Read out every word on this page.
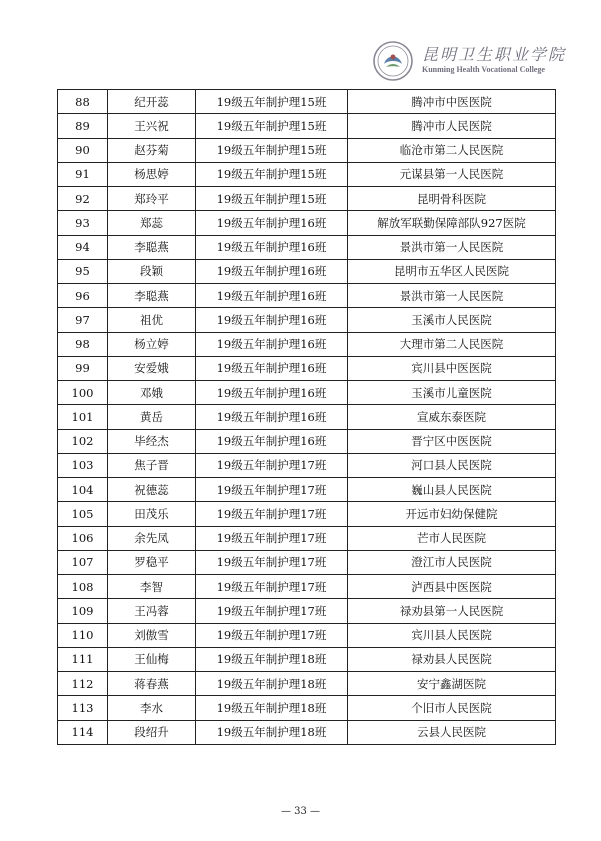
昆明卫生职业学院
Kunming Health Vocational College
88	纪开蕊	19级五年制护理15班	腾冲市中医医院
89	王兴祝	19级五年制护理15班	腾冲市人民医院
90	赵芬菊	19级五年制护理15班	临沧市第二人民医院
91	杨思婷	19级五年制护理15班	元谋县第一人民医院
92	郑玲平	19级五年制护理15班	昆明骨科医院
93	郑蕊	19级五年制护理16班	解放军联勤保障部队927医院
94	李聪燕	19级五年制护理16班	景洪市第一人民医院
95	段颖	19级五年制护理16班	昆明市五华区人民医院
96	李聪燕	19级五年制护理16班	景洪市第一人民医院
97	祖优	19级五年制护理16班	玉溪市人民医院
98	杨立婷	19级五年制护理16班	大理市第二人民医院
99	安爱娥	19级五年制护理16班	宾川县中医医院
100	邓娥	19级五年制护理16班	玉溪市儿童医院
101	黄岳	19级五年制护理16班	宣威东泰医院
102	毕经杰	19级五年制护理16班	晋宁区中医医院
103	焦子晋	19级五年制护理17班	河口县人民医院
104	祝德蕊	19级五年制护理17班	巍山县人民医院
105	田茂乐	19级五年制护理17班	开远市妇幼保健院
106	余先凤	19级五年制护理17班	芒市人民医院
107	罗稳平	19级五年制护理17班	澄江市人民医院
108	李智	19级五年制护理17班	泸西县中医医院
109	王冯蓉	19级五年制护理17班	禄劝县第一人民医院
110	刘傲雪	19级五年制护理17班	宾川县人民医院
111	王仙梅	19级五年制护理18班	禄劝县人民医院
112	蒋春燕	19级五年制护理18班	安宁鑫湖医院
113	李水	19级五年制护理18班	个旧市人民医院
114	段绍升	19级五年制护理18班	云县人民医院
— 33 —
